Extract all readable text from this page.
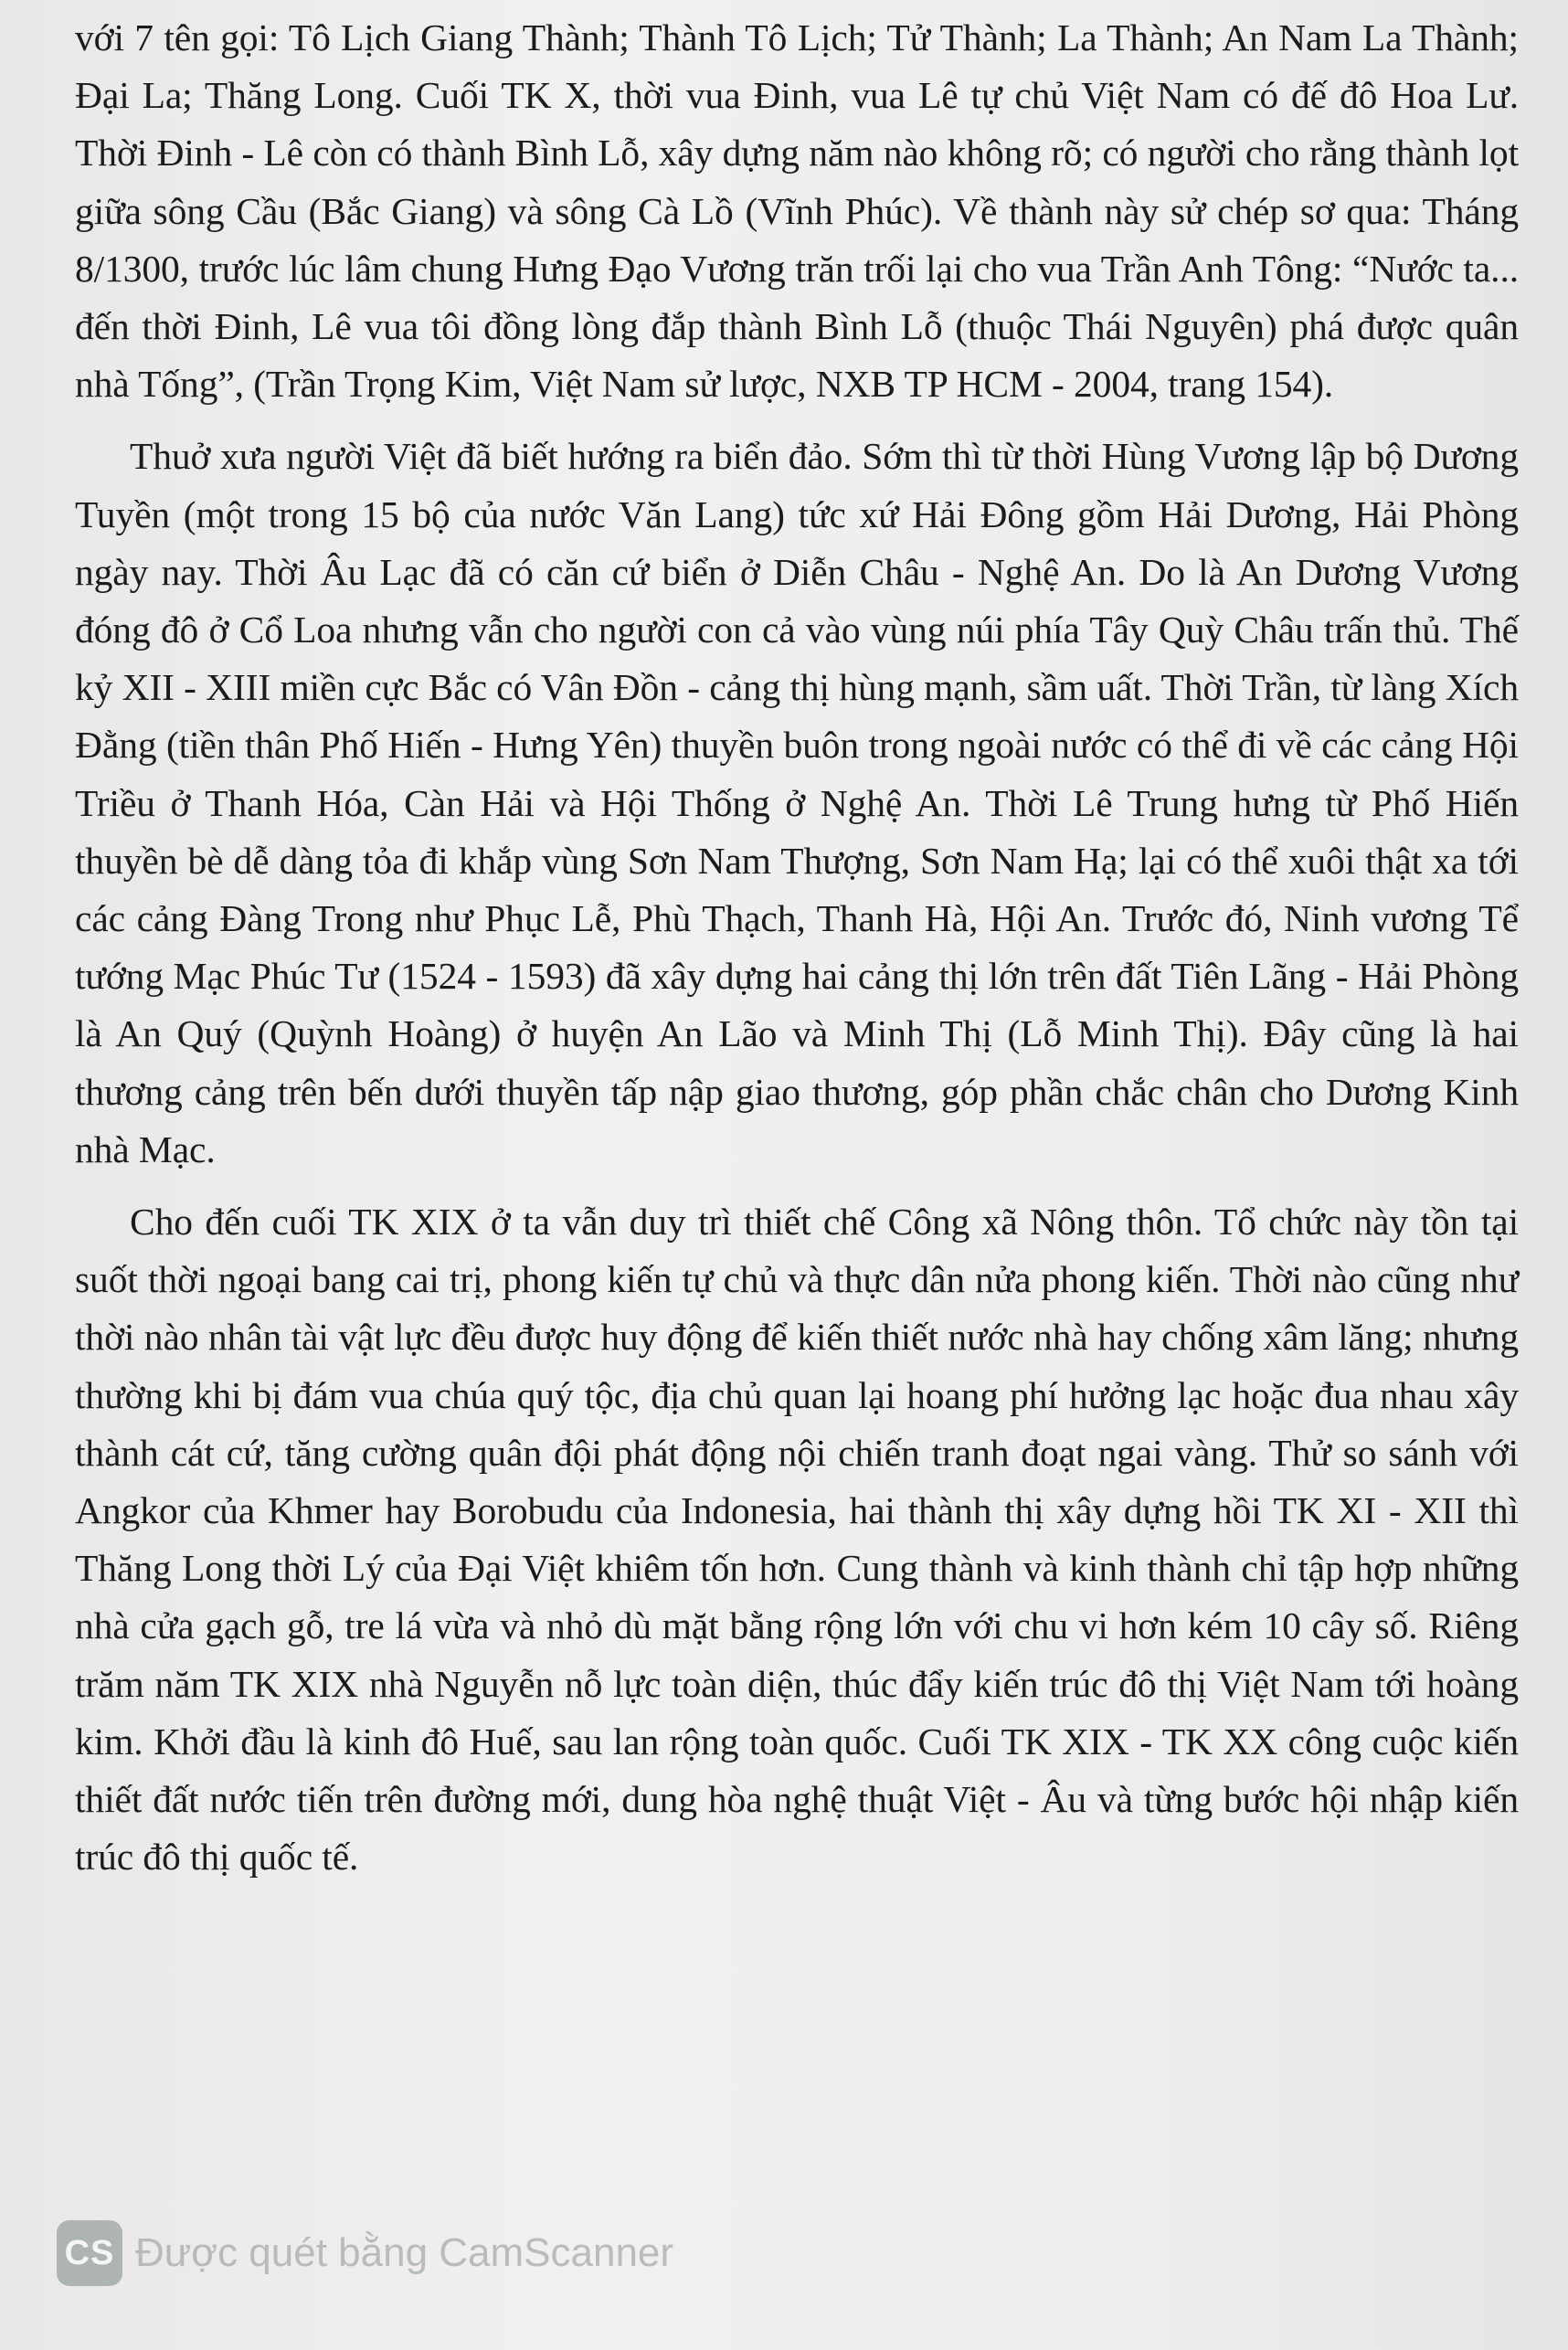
với 7 tên gọi: Tô Lịch Giang Thành; Thành Tô Lịch; Tử Thành; La Thành; An Nam La Thành; Đại La; Thăng Long. Cuối TK X, thời vua Đinh, vua Lê tự chủ Việt Nam có đế đô Hoa Lư. Thời Đinh - Lê còn có thành Bình Lỗ, xây dựng năm nào không rõ; có người cho rằng thành lọt giữa sông Cầu (Bắc Giang) và sông Cà Lồ (Vĩnh Phúc). Về thành này sử chép sơ qua: Tháng 8/1300, trước lúc lâm chung Hưng Đạo Vương trăn trối lại cho vua Trần Anh Tông: “Nước ta... đến thời Đinh, Lê vua tôi đồng lòng đắp thành Bình Lỗ (thuộc Thái Nguyên) phá được quân nhà Tống”, (Trần Trọng Kim, Việt Nam sử lược, NXB TP HCM - 2004, trang 154).

Thuở xưa người Việt đã biết hướng ra biển đảo. Sớm thì từ thời Hùng Vương lập bộ Dương Tuyền (một trong 15 bộ của nước Văn Lang) tức xứ Hải Đông gồm Hải Dương, Hải Phòng ngày nay. Thời Âu Lạc đã có căn cứ biển ở Diễn Châu - Nghệ An. Do là An Dương Vương đóng đô ở Cổ Loa nhưng vẫn cho người con cả vào vùng núi phía Tây Quỳ Châu trấn thủ. Thế kỷ XII - XIII miền cực Bắc có Vân Đồn - cảng thị hùng mạnh, sầm uất. Thời Trần, từ làng Xích Đằng (tiền thân Phố Hiến - Hưng Yên) thuyền buôn trong ngoài nước có thể đi về các cảng Hội Triều ở Thanh Hóa, Càn Hải và Hội Thống ở Nghệ An. Thời Lê Trung hưng từ Phố Hiến thuyền bè dễ dàng tỏa đi khắp vùng Sơn Nam Thượng, Sơn Nam Hạ; lại có thể xuôi thật xa tới các cảng Đàng Trong như Phục Lễ, Phù Thạch, Thanh Hà, Hội An. Trước đó, Ninh vương Tể tướng Mạc Phúc Tư (1524 - 1593) đã xây dựng hai cảng thị lớn trên đất Tiên Lãng - Hải Phòng là An Quý (Quỳnh Hoàng) ở huyện An Lão và Minh Thị (Lỗ Minh Thị). Đây cũng là hai thương cảng trên bến dưới thuyền tấp nập giao thương, góp phần chắc chân cho Dương Kinh nhà Mạc.

Cho đến cuối TK XIX ở ta vẫn duy trì thiết chế Công xã Nông thôn. Tổ chức này tồn tại suốt thời ngoại bang cai trị, phong kiến tự chủ và thực dân nửa phong kiến. Thời nào cũng như thời nào nhân tài vật lực đều được huy động để kiến thiết nước nhà hay chống xâm lăng; nhưng thường khi bị đám vua chúa quý tộc, địa chủ quan lại hoang phí hưởng lạc hoặc đua nhau xây thành cát cứ, tăng cường quân đội phát động nội chiến tranh đoạt ngai vàng. Thử so sánh với Angkor của Khmer hay Borobudu của Indonesia, hai thành thị xây dựng hồi TK XI - XII thì Thăng Long thời Lý của Đại Việt khiêm tốn hơn. Cung thành và kinh thành chỉ tập hợp những nhà cửa gạch gỗ, tre lá vừa và nhỏ dù mặt bằng rộng lớn với chu vi hơn kém 10 cây số. Riêng trăm năm TK XIX nhà Nguyễn nỗ lực toàn diện, thúc đẩy kiến trúc đô thị Việt Nam tới hoàng kim. Khởi đầu là kinh đô Huế, sau lan rộng toàn quốc. Cuối TK XIX - TK XX công cuộc kiến thiết đất nước tiến trên đường mới, dung hòa nghệ thuật Việt - Âu và từng bước hội nhập kiến trúc đô thị quốc tế.

CS Được quét bằng CamScanner
